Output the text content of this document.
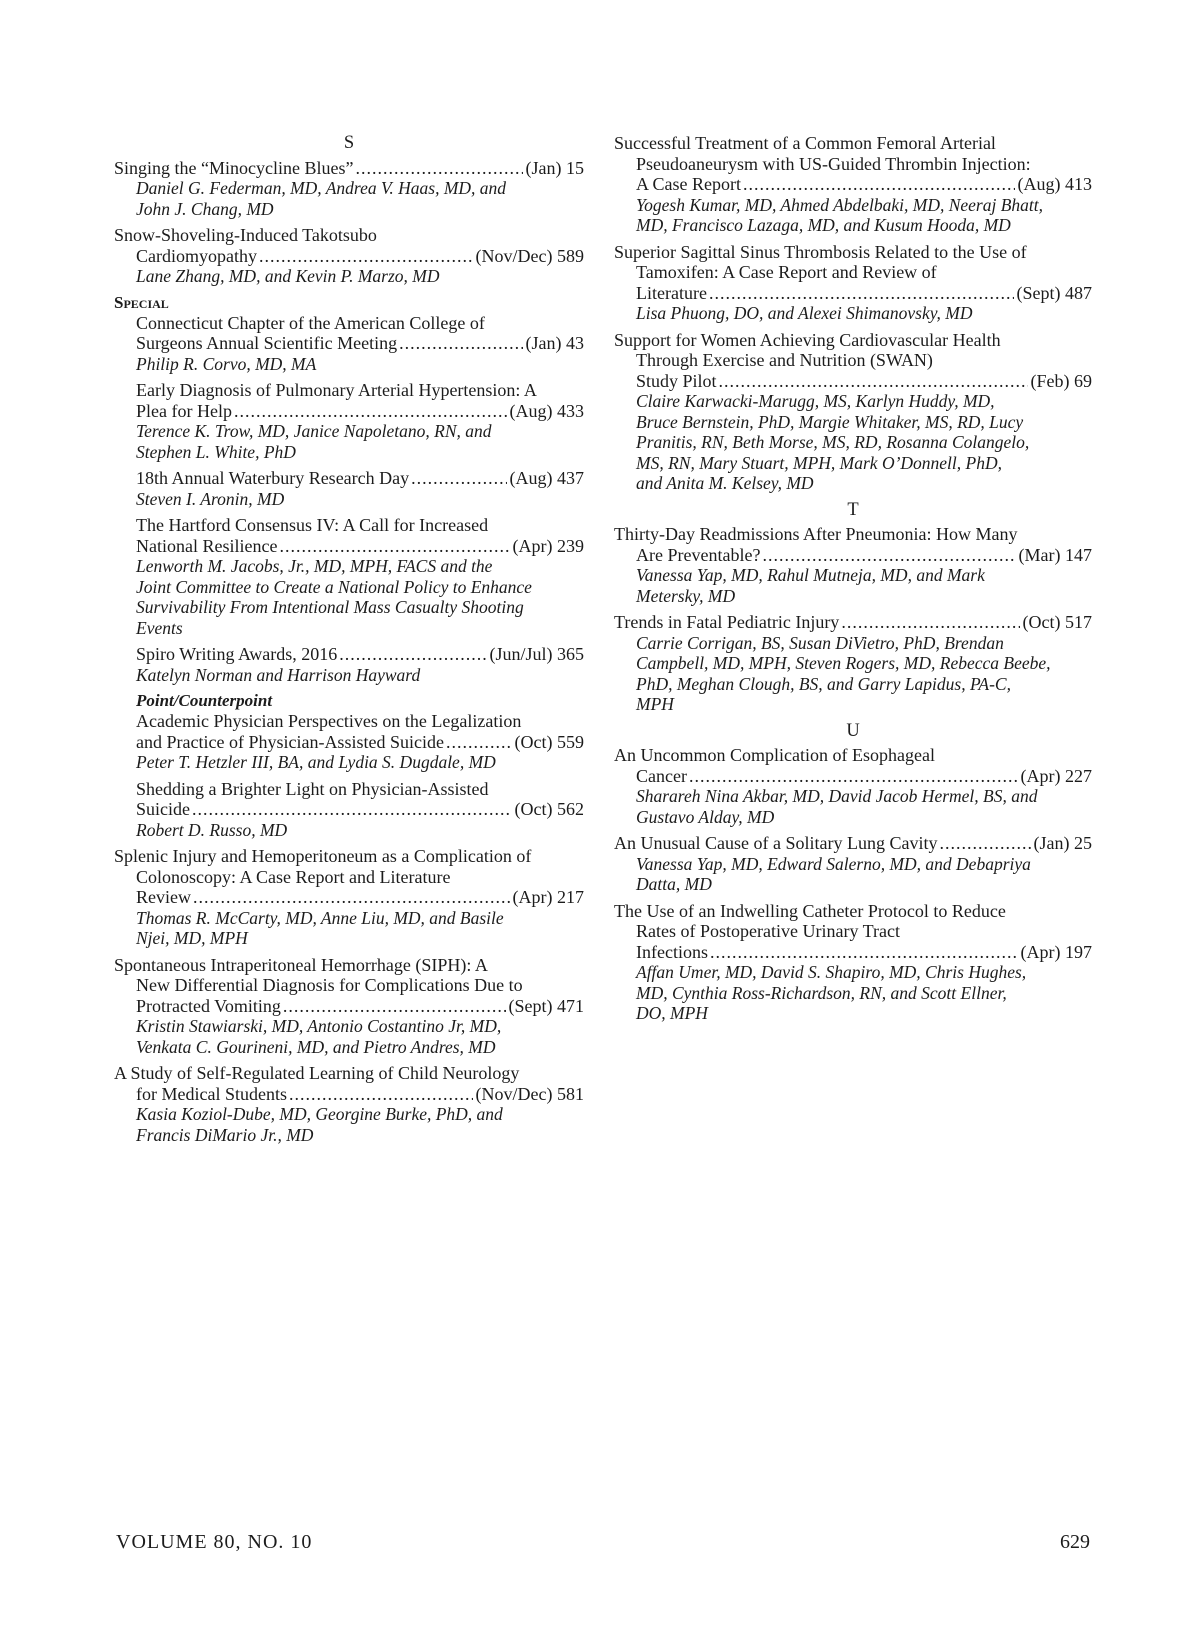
S
Singing the “Minocycline Blues” .....	(Jan) 15
Daniel G. Federman, MD, Andrea V. Haas, MD, and
John J. Chang, MD
Snow-Shoveling-Induced Takotsubo
Cardiomyopathy .....	(Nov/Dec) 589
Lane Zhang, MD, and Kevin P. Marzo, MD
Special
Connecticut Chapter of the American College of
Surgeons Annual Scientific Meeting .....	(Jan) 43
Philip R. Corvo, MD, MA
Early Diagnosis of Pulmonary Arterial Hypertension: A
Plea for Help .....	(Aug) 433
Terence K. Trow, MD, Janice Napoletano, RN, and
Stephen L. White, PhD
18th Annual Waterbury Research Day .....	(Aug) 437
Steven I. Aronin, MD
The Hartford Consensus IV: A Call for Increased
National Resilience .....	(Apr) 239
Lenworth M. Jacobs, Jr., MD, MPH, FACS and the
Joint Committee to Create a National Policy to Enhance
Survivability From Intentional Mass Casualty Shooting
Events
Spiro Writing Awards, 2016 .....	(Jun/Jul) 365
Katelyn Norman and Harrison Hayward
Point/Counterpoint
Academic Physician Perspectives on the Legalization
and Practice of Physician-Assisted Suicide .....	(Oct) 559
Peter T. Hetzler III, BA, and Lydia S. Dugdale, MD
Shedding a Brighter Light on Physician-Assisted
Suicide .....	(Oct) 562
Robert D. Russo, MD
Splenic Injury and Hemoperitoneum as a Complication of
Colonoscopy: A Case Report and Literature
Review .....	(Apr) 217
Thomas R. McCarty, MD, Anne Liu, MD, and Basile
Njei, MD, MPH
Spontaneous Intraperitoneal Hemorrhage (SIPH): A
New Differential Diagnosis for Complications Due to
Protracted Vomiting .....	(Sept) 471
Kristin Stawiarski, MD, Antonio Costantino Jr, MD,
Venkata C. Gourineni, MD, and Pietro Andres, MD
A Study of Self-Regulated Learning of Child Neurology
for Medical Students .....	(Nov/Dec) 581
Kasia Koziol-Dube, MD, Georgine Burke, PhD, and
Francis DiMario Jr., MD
Successful Treatment of a Common Femoral Arterial
Pseudoaneurysm with US-Guided Thrombin Injection:
A Case Report .....	(Aug) 413
Yogesh Kumar, MD, Ahmed Abdelbaki, MD, Neeraj Bhatt,
MD, Francisco Lazaga, MD, and Kusum Hooda, MD
Superior Sagittal Sinus Thrombosis Related to the Use of
Tamoxifen: A Case Report and Review of
Literature .....	(Sept) 487
Lisa Phuong, DO, and Alexei Shimanovsky, MD
Support for Women Achieving Cardiovascular Health
Through Exercise and Nutrition (SWAN)
Study Pilot .....	(Feb) 69
Claire Karwacki-Marugg, MS, Karlyn Huddy, MD,
Bruce Bernstein, PhD, Margie Whitaker, MS, RD, Lucy
Pranitis, RN, Beth Morse, MS, RD, Rosanna Colangelo,
MS, RN, Mary Stuart, MPH, Mark O’Donnell, PhD,
and Anita M. Kelsey, MD
T
Thirty-Day Readmissions After Pneumonia: How Many
Are Preventable? .....	(Mar) 147
Vanessa Yap, MD, Rahul Mutneja, MD, and Mark
Metersky, MD
Trends in Fatal Pediatric Injury .....	(Oct) 517
Carrie Corrigan, BS, Susan DiVietro, PhD, Brendan
Campbell, MD, MPH, Steven Rogers, MD, Rebecca Beebe,
PhD, Meghan Clough, BS, and Garry Lapidus, PA-C,
MPH
U
An Uncommon Complication of Esophageal
Cancer .....	(Apr) 227
Sharareh Nina Akbar, MD, David Jacob Hermel, BS, and
Gustavo Alday, MD
An Unusual Cause of a Solitary Lung Cavity .....	(Jan) 25
Vanessa Yap, MD, Edward Salerno, MD, and Debapriya
Datta, MD
The Use of an Indwelling Catheter Protocol to Reduce
Rates of Postoperative Urinary Tract
Infections .....	(Apr) 197
Affan Umer, MD, David S. Shapiro, MD, Chris Hughes,
MD, Cynthia Ross-Richardson, RN, and Scott Ellner,
DO, MPH
VOLUME 80, NO. 10	629
